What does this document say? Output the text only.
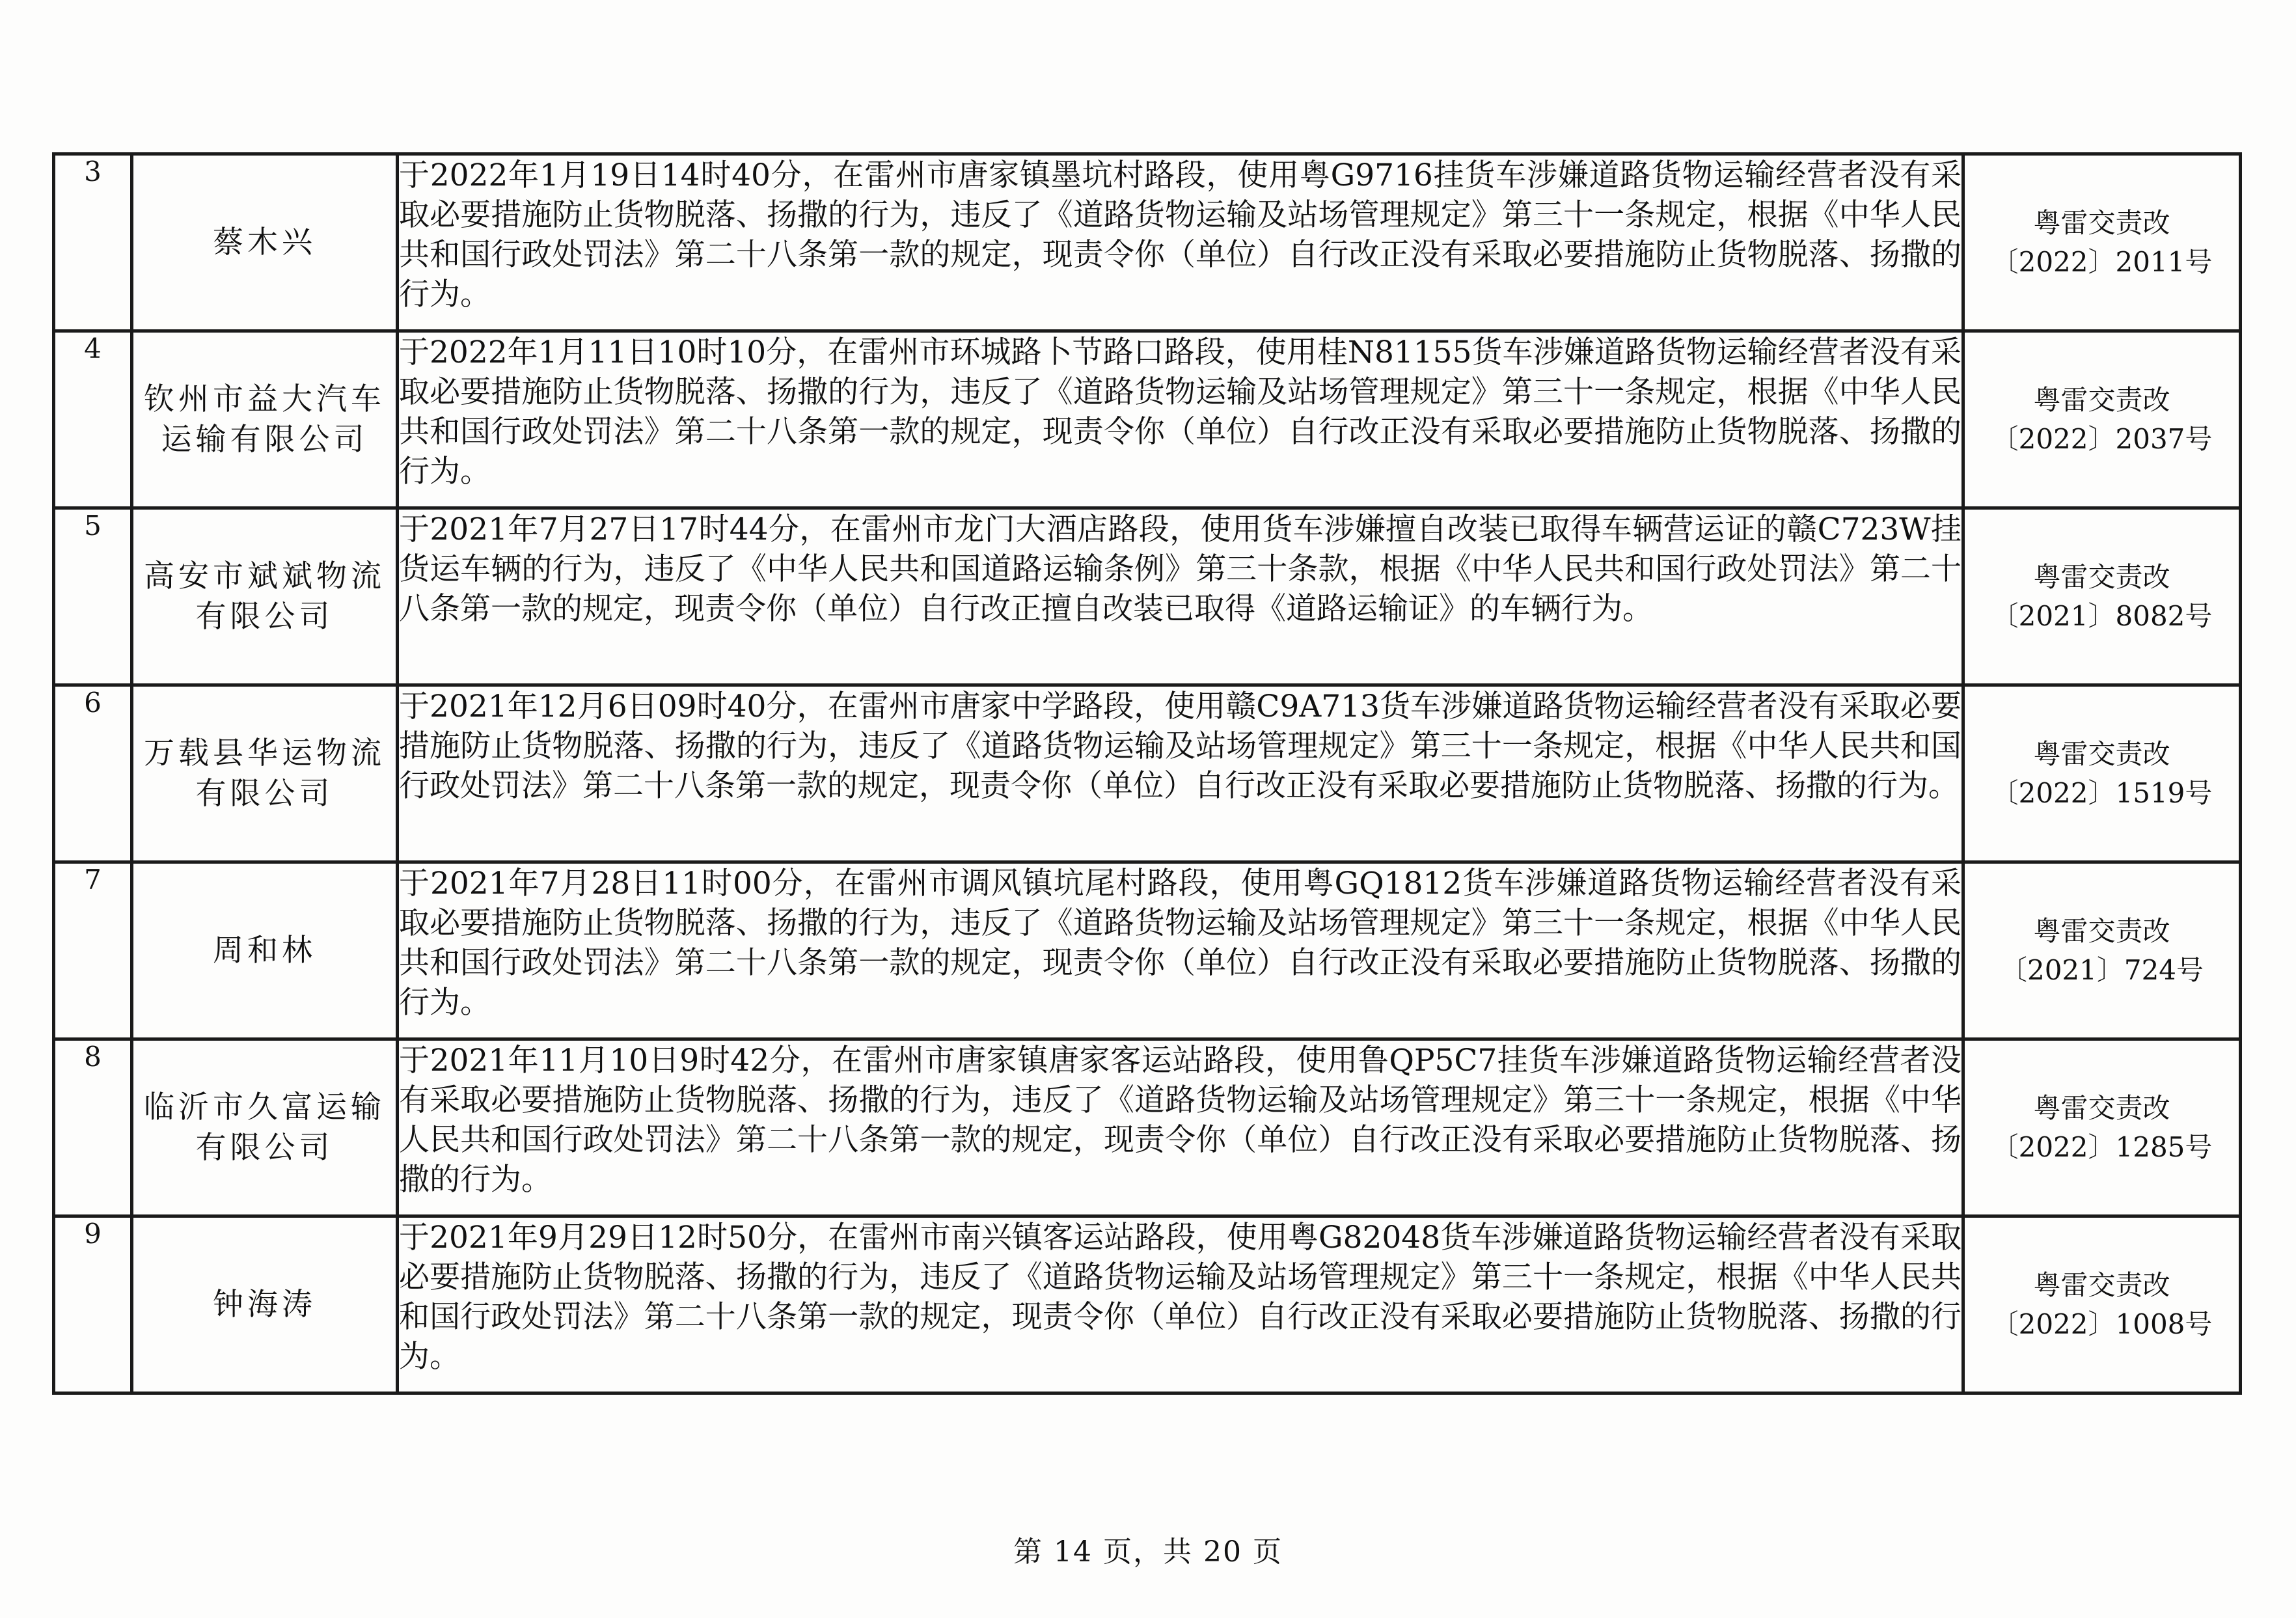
3	蔡木兴	于2022年1月19日14时40分，在雷州市唐家镇墨坑村路段，使用粤G9716挂货车涉嫌道路货物运输经营者没有采取必要措施防止货物脱落、扬撒的行为，违反了《道路货物运输及站场管理规定》第三十一条规定，根据《中华人民共和国行政处罚法》第二十八条第一款的规定，现责令你（单位）自行改正没有采取必要措施防止货物脱落、扬撒的行为。	粤雷交责改
〔2022〕2011号

4	钦州市益大汽车运输有限公司	于2022年1月11日10时10分，在雷州市环城路卜节路口路段，使用桂N81155货车涉嫌道路货物运输经营者没有采取必要措施防止货物脱落、扬撒的行为，违反了《道路货物运输及站场管理规定》第三十一条规定，根据《中华人民共和国行政处罚法》第二十八条第一款的规定，现责令你（单位）自行改正没有采取必要措施防止货物脱落、扬撒的行为。	粤雷交责改
〔2022〕2037号

5	高安市斌斌物流有限公司	于2021年7月27日17时44分，在雷州市龙门大酒店路段，使用货车涉嫌擅自改装已取得车辆营运证的赣C723W挂货运车辆的行为，违反了《中华人民共和国道路运输条例》第三十条款，根据《中华人民共和国行政处罚法》第二十八条第一款的规定，现责令你（单位）自行改正擅自改装已取得《道路运输证》的车辆行为。	粤雷交责改
〔2021〕8082号

6	万载县华运物流有限公司	于2021年12月6日09时40分，在雷州市唐家中学路段，使用赣C9A713货车涉嫌道路货物运输经营者没有采取必要措施防止货物脱落、扬撒的行为，违反了《道路货物运输及站场管理规定》第三十一条规定，根据《中华人民共和国行政处罚法》第二十八条第一款的规定，现责令你（单位）自行改正没有采取必要措施防止货物脱落、扬撒的行为。	粤雷交责改
〔2022〕1519号

7	周和林	于2021年7月28日11时00分，在雷州市调风镇坑尾村路段，使用粤GQ1812货车涉嫌道路货物运输经营者没有采取必要措施防止货物脱落、扬撒的行为，违反了《道路货物运输及站场管理规定》第三十一条规定，根据《中华人民共和国行政处罚法》第二十八条第一款的规定，现责令你（单位）自行改正没有采取必要措施防止货物脱落、扬撒的行为。	粤雷交责改
〔2021〕724号

8	临沂市久富运输有限公司	于2021年11月10日9时42分，在雷州市唐家镇唐家客运站路段，使用鲁QP5C7挂货车涉嫌道路货物运输经营者没有采取必要措施防止货物脱落、扬撒的行为，违反了《道路货物运输及站场管理规定》第三十一条规定，根据《中华人民共和国行政处罚法》第二十八条第一款的规定，现责令你（单位）自行改正没有采取必要措施防止货物脱落、扬撒的行为。	粤雷交责改
〔2022〕1285号

9	钟海涛	于2021年9月29日12时50分，在雷州市南兴镇客运站路段，使用粤G82048货车涉嫌道路货物运输经营者没有采取必要措施防止货物脱落、扬撒的行为，违反了《道路货物运输及站场管理规定》第三十一条规定，根据《中华人民共和国行政处罚法》第二十八条第一款的规定，现责令你（单位）自行改正没有采取必要措施防止货物脱落、扬撒的行为。	粤雷交责改
〔2022〕1008号
第 14 页，共 20 页
